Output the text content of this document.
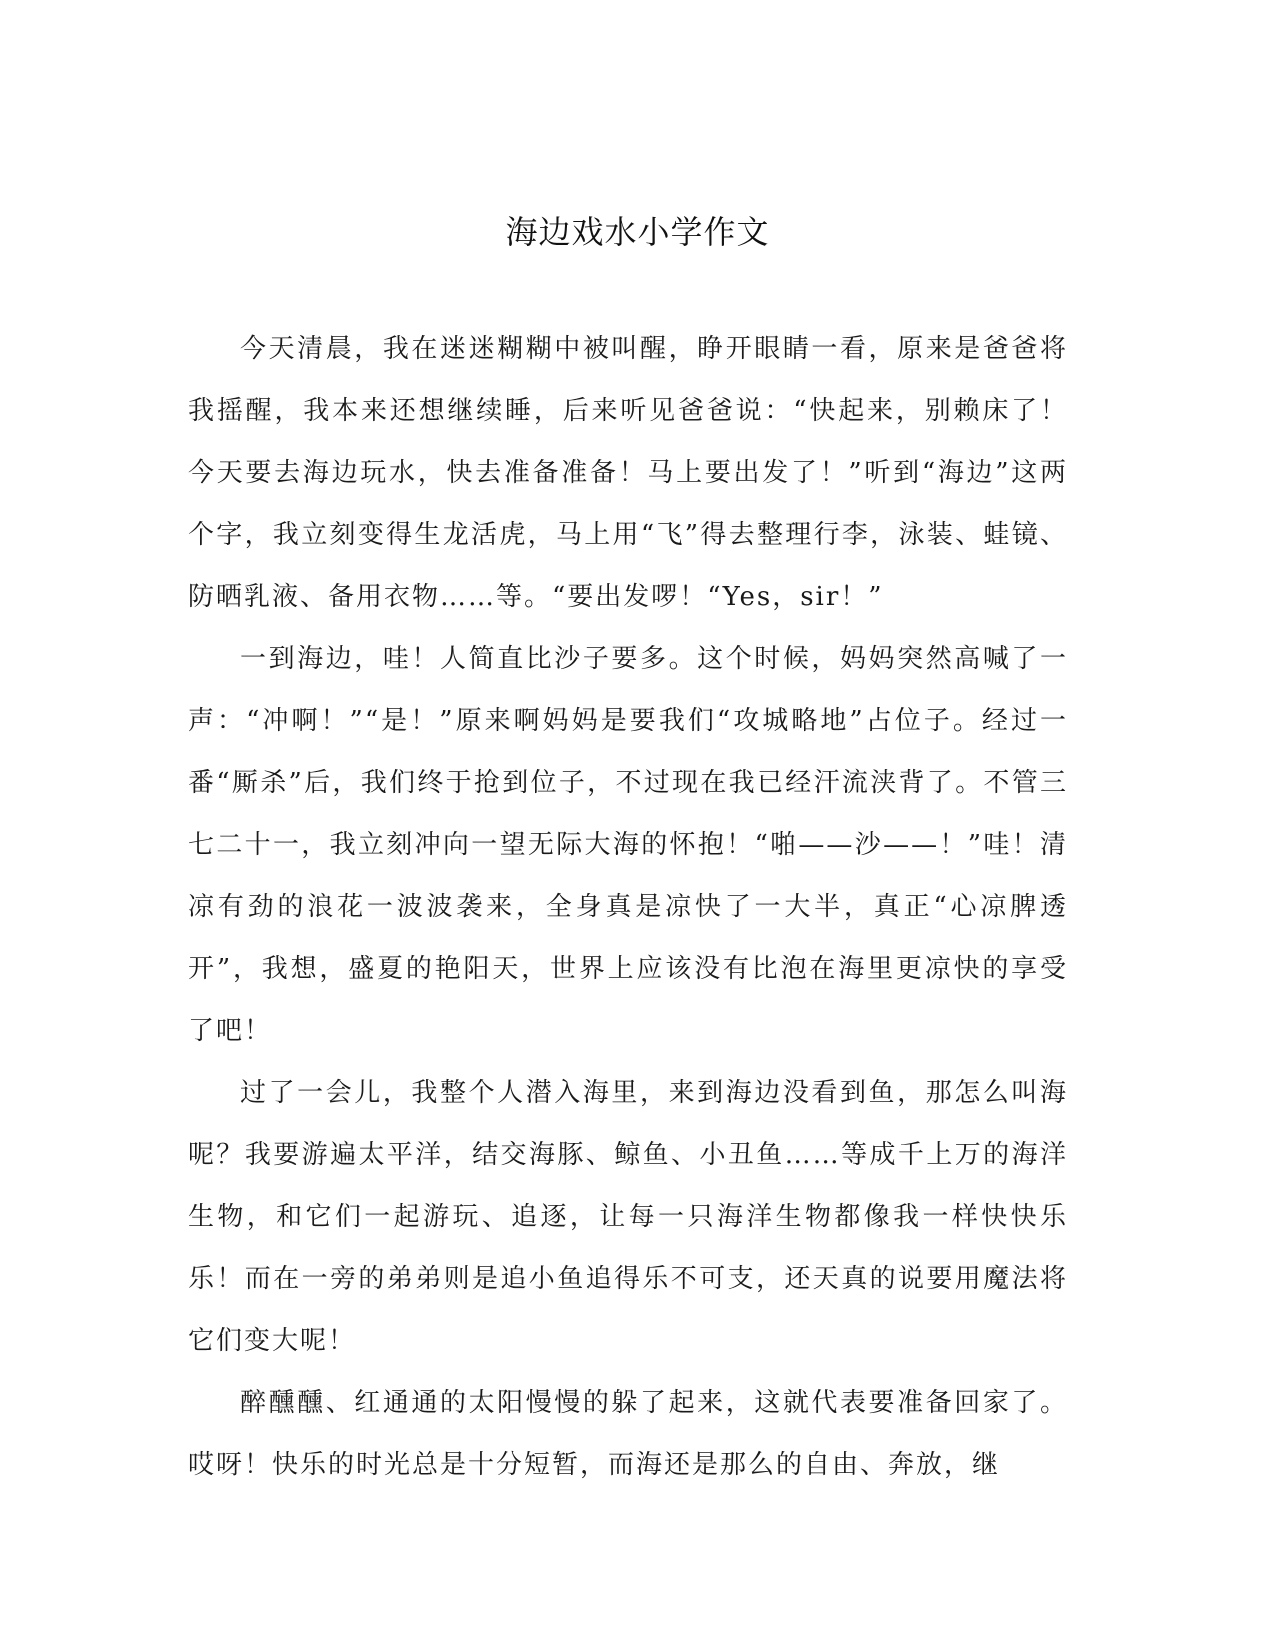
海边戏水小学作文

今天清晨，我在迷迷糊糊中被叫醒，睁开眼睛一看，原来是爸爸将我摇醒，我本来还想继续睡，后来听见爸爸说：“快起来，别赖床了！今天要去海边玩水，快去准备准备！马上要出发了！”听到“海边”这两个字，我立刻变得生龙活虎，马上用“飞”得去整理行李，泳装、蛙镜、防晒乳液、备用衣物……等。“要出发啰！“Yes，sir！”

一到海边，哇！人简直比沙子要多。这个时候，妈妈突然高喊了一声：“冲啊！”“是！”原来啊妈妈是要我们“攻城略地”占位子。经过一番“厮杀”后，我们终于抢到位子，不过现在我已经汗流浃背了。不管三七二十一，我立刻冲向一望无际大海的怀抱！“啪——沙——！”哇！清凉有劲的浪花一波波袭来，全身真是凉快了一大半，真正“心凉脾透开”，我想，盛夏的艳阳天，世界上应该没有比泡在海里更凉快的享受了吧！

过了一会儿，我整个人潜入海里，来到海边没看到鱼，那怎么叫海呢？我要游遍太平洋，结交海豚、鲸鱼、小丑鱼……等成千上万的海洋生物，和它们一起游玩、追逐，让每一只海洋生物都像我一样快快乐乐！而在一旁的弟弟则是追小鱼追得乐不可支，还天真的说要用魔法将它们变大呢！

醉醺醺、红通通的太阳慢慢的躲了起来，这就代表要准备回家了。哎呀！快乐的时光总是十分短暂，而海还是那么的自由、奔放，继
